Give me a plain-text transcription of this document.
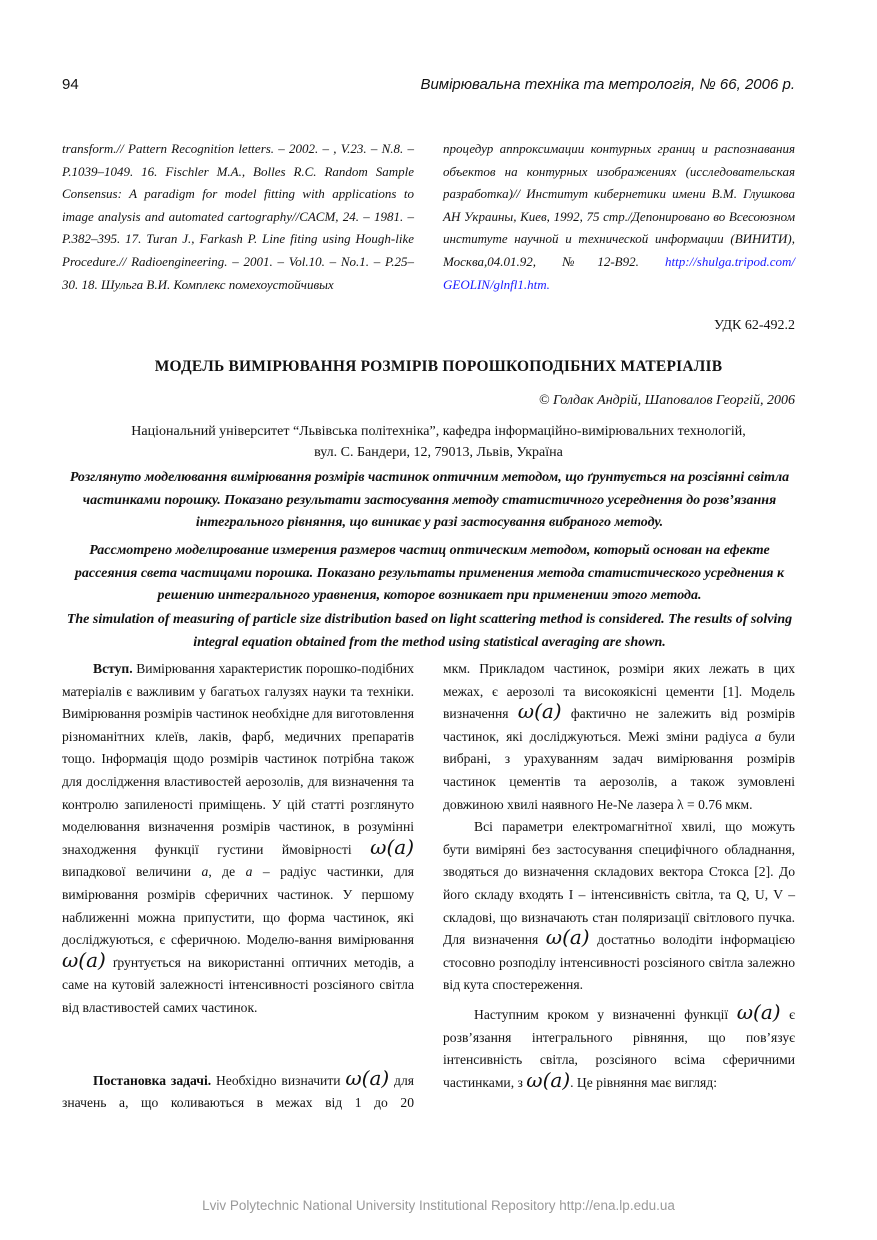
94	Вимірювальна техніка та метрологія, № 66, 2006 р.
transform.// Pattern Recognition letters. – 2002. – , V.23. – N.8. – P.1039–1049. 16. Fischler M.A., Bolles R.C. Random Sample Consensus: A paradigm for model fitting with applications to image analysis and automated cartography//CACM, 24. – 1981. – P.382–395. 17. Turan J., Farkash P. Line fiting using Hough-like Procedure.// Radioengineering. – 2001. – Vol.10. – No.1. – P.25–30. 18. Шульга В.И. Комплекс помехоустойчивых
процедур аппроксимации контурных границ и распознавания объектов на контурных изображениях (исследовательская разработка)// Институт кибернетики имени В.М. Глушкова АН Украины, Киев, 1992, 75 стр./Депонировано во Всесоюзном институте научной и технической информации (ВИНИТИ), Москва,04.01.92, №12-В92. http://shulga.tripod.com/ GEOLIN/glnfl1.htm.
УДК 62-492.2
МОДЕЛЬ ВИМІРЮВАННЯ РОЗМІРІВ ПОРОШКОПОДІБНИХ МАТЕРІАЛІВ
© Голдак Андрій, Шаповалов Георгій, 2006
Національний університет “Львівська політехніка”, кафедра інформаційно-вимірювальних технологій,
вул. С. Бандери, 12, 79013, Львів, Україна
Розглянуто моделювання вимірювання розмірів частинок оптичним методом, що ґрунтується на розсіянні світла частинками порошку. Показано результати застосування методу статистичного усереднення до розв’язання інтегрального рівняння, що виникає у разі застосування вибраного методу.
Рассмотрено моделирование измерения размеров частиц оптическим методом, который основан на ефекте рассеяния света частицами порошка. Показано результаты применения метода статистического усреднения к решению интегрального уравнения, которое возникает при применении этого метода.
The simulation of measuring of particle size distribution based on light scattering method is considered. The results of solving integral equation obtained from the method using statistical averaging are shown.

Вступ. Вимірювання характеристик порошко-подібних матеріалів є важливим у багатьох галузях науки та техніки. Вимірювання розмірів частинок необхідне для виготовлення різноманітних клеїв, лаків, фарб, медичних препаратів тощо. Інформація щодо розмірів частинок потрібна також для дослідження властивостей аерозолів, для визначення та контролю запиленості приміщень. У цій статті розглянуто моделювання визначення розмірів частинок, в розумінні знаходження функції густини ймовірності ω(a) випадкової величини a, де a – радіус частинки, для вимірювання розмірів сферичних частинок. У першому наближенні можна припустити, що форма частинок, які досліджуються, є сферичною. Моделю-вання вимірювання ω(a) ґрунтується на використанні оптичних методів, а саме на кутовій залежності інтенсивності розсіяного світла від властивостей самих частинок.

Постановка задачі. Необхідно визначити ω(a) для значень а, що коливаються в межах від 1 до 20

мкм. Прикладом частинок, розміри яких лежать в цих межах, є аерозолі та високоякісні цементи [1]. Модель визначення ω(a) фактично не залежить від розмірів частинок, які досліджуються. Межі зміни радіуса a були вибрані, з урахуванням задач вимірювання розмірів частинок цементів та аерозолів, а також зумовлені довжиною хвилі наявного He-Ne лазера λ = 0.76 мкм.

Всі параметри електромагнітної хвилі, що можуть бути виміряні без застосування специфічного обладнання, зводяться до визначення складових вектора Стокса [2]. До його складу входять I – інтенсивність світла, та Q, U, V – складові, що визначають стан поляризації світлового пучка. Для визначення ω(a) достатньо володіти інформацією стосовно розподілу інтенсивності розсіяного світла залежно від кута спостереження.

Наступним кроком у визначенні функції ω(a) є розв’язання інтегрального рівняння, що пов’язує інтенсивність світла, розсіяного всіма сферичними частинками, з ω(a). Це рівняння має вигляд:

Lviv Polytechnic National University Institutional Repository http://ena.lp.edu.ua
